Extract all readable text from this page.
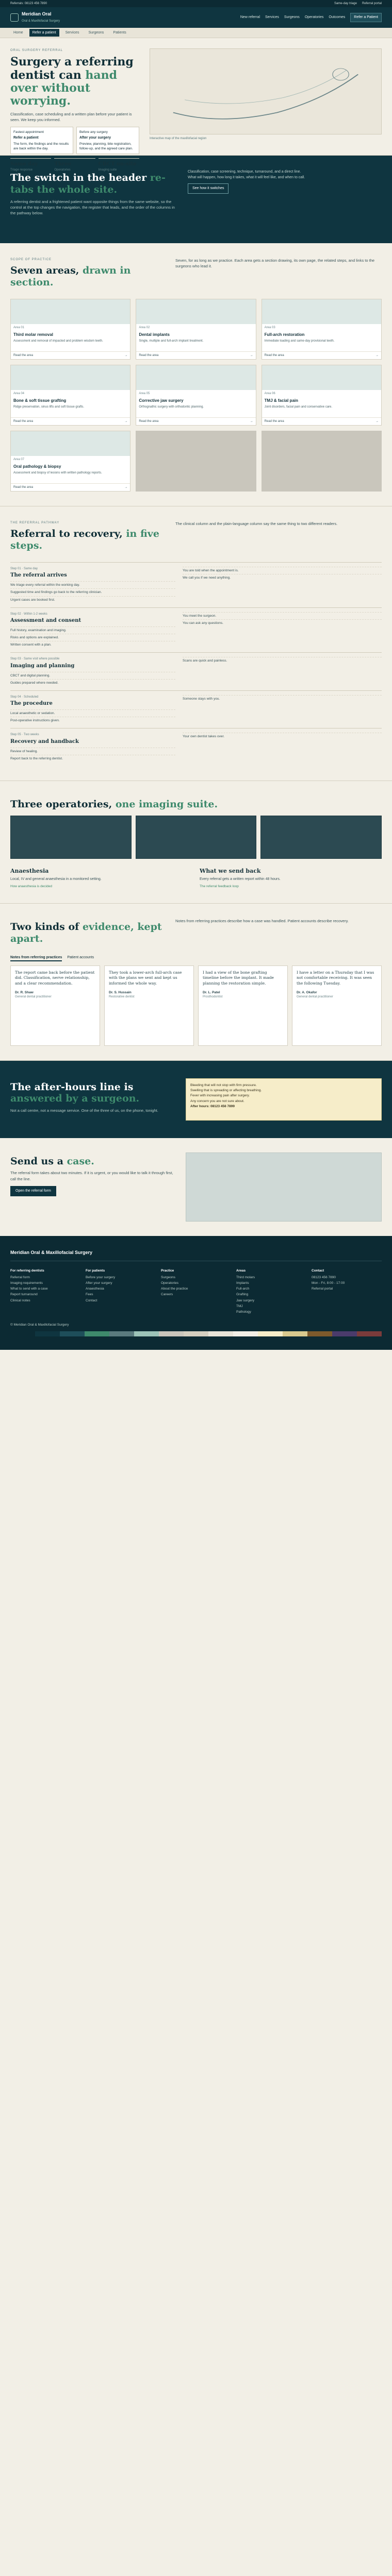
Referrals: 08123 456 7890	Same-day triage Referral portal
Meridian Oral
Oral & Maxillofacial Surgery
New referral Services Surgeons Operatories Outcomes	Refer a Patient
Home	Refer a patient	Services	Surgeons	Patients
ORAL SURGERY REFERRAL
Surgery a referring dentist can hand over without worrying.

Classification, case scheduling and a written plan before your patient is seen. We keep you informed.

Fastest appointment
Refer a patient
The form, the findings and the results are back within the day.
Before any surgery
After your surgery
Preview, planning, bite registration, follow-up, and the agreed care plan.
Same day
Triage response
Three
Operatories
CBCT on-site
Imaging suite
Interactive map of the maxillofacial region
The switch in the header re-tabs the whole site.

A referring dentist and a frightened patient want opposite things from the same website, so the control at the top changes the navigation, the register that leads, and the order of the columns in the pathway below.

Classification, case screening, technique, turnaround, and a direct line.

What will happen, how long it takes, what it will feel like, and when to call.

See how it switches
SCOPE OF PRACTICE
Seven areas, drawn in section.

Seven, for as long as we practice. Each area gets a section drawing, its own page, the related steps, and links to the surgeons who lead it.

Area 01
Third molar removal
Assessment and removal of impacted and problem wisdom teeth.
Read the area	→
Area 02
Dental implants
Single, multiple and full-arch implant treatment.
Read the area	→
Area 03
Full-arch restoration
Immediate loading and same-day provisional teeth.
Read the area	→
Area 04
Bone & soft tissue grafting
Ridge preservation, sinus lifts and soft tissue grafts.
Read the area	→
Area 05
Corrective jaw surgery
Orthognathic surgery with orthodontic planning.
Read the area	→
Area 06
TMJ & facial pain
Joint disorders, facial pain and conservative care.
Read the area	→
Area 07
Oral pathology & biopsy
Assessment and biopsy of lesions with written pathology reports.
Read the area	→
THE REFERRAL PATHWAY
Referral to recovery, in five steps.

The clinical column and the plain-language column say the same thing to two different readers.

Step 01 · Same day
The referral arrives
We triage every referral within the working day.
Suggested time and findings go back to the referring clinician.
Urgent cases are booked first.
You are told when the appointment is.
We call you if we need anything.
Step 02 · Within 1-2 weeks
Assessment and consent
Full history, examination and imaging.
Risks and options are explained.
Written consent with a plan.
You meet the surgeon.
You can ask any questions.
Step 03 · Same visit where possible
Imaging and planning
CBCT and digital planning.
Guides prepared where needed.
Scans are quick and painless.
Step 04 · Scheduled
The procedure
Local anaesthetic or sedation.
Post-operative instructions given.
Someone stays with you.
Step 05 · Two weeks
Recovery and handback
Review of healing.
Report back to the referring dentist.
Your own dentist takes over.
Three operatories, one imaging suite.
Anaesthesia

Local, IV and general anaesthesia in a monitored setting.

How anaesthesia is decided
What we send back

Every referral gets a written report within 48 hours.

The referral feedback loop
Two kinds of evidence, kept apart.

Notes from referring practices describe how a case was handled. Patient accounts describe recovery.

Notes from referring practices Patient accounts

The report came back before the patient did. Classification, nerve relationship, and a clear recommendation.

Dr. R. Shaw
General dental practitioner

They took a lower-arch full-arch case with the plans we sent and kept us informed the whole way.

Dr. S. Hussain
Restorative dentist

I had a view of the bone grafting timeline before the implant. It made planning the restoration simple.

Dr. L. Patel
Prosthodontist

I have a letter on a Thursday that I was not comfortable receiving. It was seen the following Tuesday.

Dr. A. Okafor
General dental practitioner
The after-hours line is answered by a surgeon.

Not a call centre, not a message service. One of the three of us, on the phone, tonight.

Bleeding that will not stop with firm pressure.
Swelling that is spreading or affecting breathing.
Fever with increasing pain after surgery.
Any concern you are not sure about.
After hours: 08123 456 7899
Send us a case.

The referral form takes about two minutes. If it is urgent, or you would like to talk it through first, call the line.

Open the referral form
Meridian Oral & Maxillofacial Surgery
For referring dentists
Referral form
Imaging requirements
What to send with a case
Report turnaround
Clinical notes
For patients
Before your surgery
After your surgery
Anaesthesia
Fees
Contact
Practice
Surgeons
Operatories
About the practice
Careers
Areas
Third molars
Implants
Full-arch
Grafting
Jaw surgery
TMJ
Pathology
Contact
08123 456 7890
Mon - Fri, 8:00 - 17:00
Referral portal
© Meridian Oral & Maxillofacial Surgery
